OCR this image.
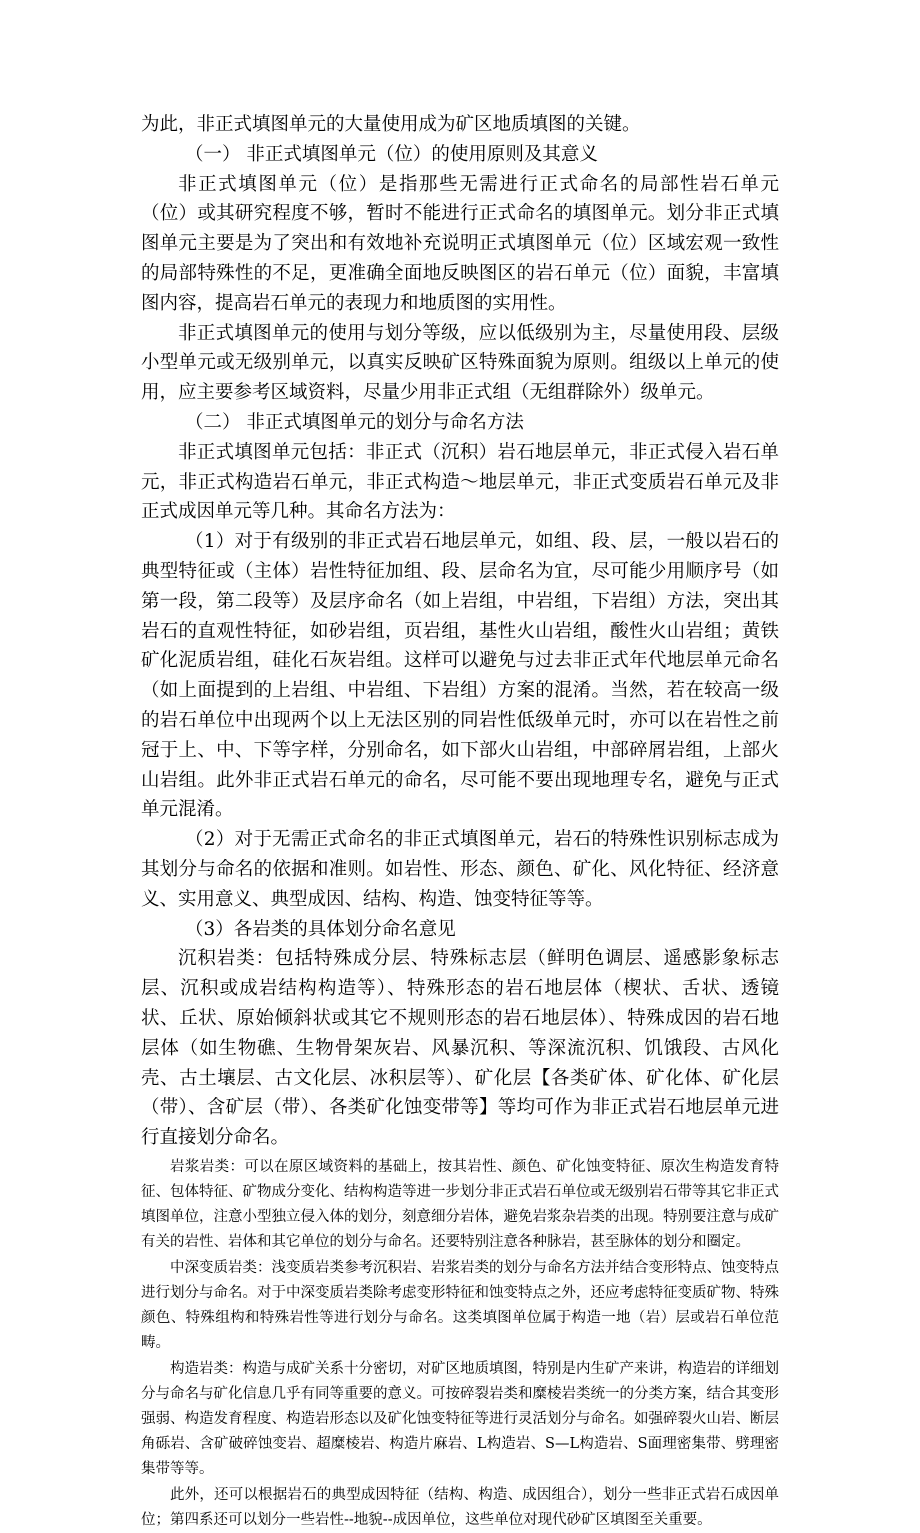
为此，非正式填图单元的大量使用成为矿区地质填图的关键。

（一） 非正式填图单元（位）的使用原则及其意义

非正式填图单元（位）是指那些无需进行正式命名的局部性岩石单元（位）或其研究程度不够，暂时不能进行正式命名的填图单元。划分非正式填图单元主要是为了突出和有效地补充说明正式填图单元（位）区域宏观一致性的局部特殊性的不足，更准确全面地反映图区的岩石单元（位）面貌，丰富填图内容，提高岩石单元的表现力和地质图的实用性。

非正式填图单元的使用与划分等级，应以低级别为主，尽量使用段、层级小型单元或无级别单元，以真实反映矿区特殊面貌为原则。组级以上单元的使用，应主要参考区域资料，尽量少用非正式组（无组群除外）级单元。

（二） 非正式填图单元的划分与命名方法

非正式填图单元包括：非正式（沉积）岩石地层单元，非正式侵入岩石单元，非正式构造岩石单元，非正式构造～地层单元，非正式变质岩石单元及非正式成因单元等几种。其命名方法为：

（1）对于有级别的非正式岩石地层单元，如组、段、层，一般以岩石的典型特征或（主体）岩性特征加组、段、层命名为宜，尽可能少用顺序号（如第一段，第二段等）及层序命名（如上岩组，中岩组，下岩组）方法，突出其岩石的直观性特征，如砂岩组，页岩组，基性火山岩组，酸性火山岩组；黄铁矿化泥质岩组，硅化石灰岩组。这样可以避免与过去非正式年代地层单元命名（如上面提到的上岩组、中岩组、下岩组）方案的混淆。当然，若在较高一级的岩石单位中出现两个以上无法区别的同岩性低级单元时，亦可以在岩性之前冠于上、中、下等字样，分别命名，如下部火山岩组，中部碎屑岩组，上部火山岩组。此外非正式岩石单元的命名，尽可能不要出现地理专名，避免与正式单元混淆。

（2）对于无需正式命名的非正式填图单元，岩石的特殊性识别标志成为其划分与命名的依据和准则。如岩性、形态、颜色、矿化、风化特征、经济意义、实用意义、典型成因、结构、构造、蚀变特征等等。

（3）各岩类的具体划分命名意见

沉积岩类：包括特殊成分层、特殊标志层（鲜明色调层、遥感影象标志层、沉积或成岩结构构造等）、特殊形态的岩石地层体（楔状、舌状、透镜状、丘状、原始倾斜状或其它不规则形态的岩石地层体）、特殊成因的岩石地层体（如生物礁、生物骨架灰岩、风暴沉积、等深流沉积、饥饿段、古风化壳、古土壤层、古文化层、冰积层等）、矿化层【各类矿体、矿化体、矿化层（带）、含矿层（带）、各类矿化蚀变带等】等均可作为非正式岩石地层单元进行直接划分命名。

岩浆岩类：可以在原区域资料的基础上，按其岩性、颜色、矿化蚀变特征、原次生构造发育特征、包体特征、矿物成分变化、结构构造等进一步划分非正式岩石单位或无级别岩石带等其它非正式填图单位，注意小型独立侵入体的划分，刻意细分岩体，避免岩浆杂岩类的出现。特别要注意与成矿有关的岩性、岩体和其它单位的划分与命名。还要特别注意各种脉岩，甚至脉体的划分和圈定。

中深变质岩类：浅变质岩类参考沉积岩、岩浆岩类的划分与命名方法并结合变形特点、蚀变特点进行划分与命名。对于中深变质岩类除考虑变形特征和蚀变特点之外，还应考虑特征变质矿物、特殊颜色、特殊组构和特殊岩性等进行划分与命名。这类填图单位属于构造一地（岩）层或岩石单位范畴。

构造岩类：构造与成矿关系十分密切，对矿区地质填图，特别是内生矿产来讲，构造岩的详细划分与命名与矿化信息几乎有同等重要的意义。可按碎裂岩类和糜棱岩类统一的分类方案，结合其变形强弱、构造发育程度、构造岩形态以及矿化蚀变特征等进行灵活划分与命名。如强碎裂火山岩、断层角砾岩、含矿破碎蚀变岩、超糜棱岩、构造片麻岩、L构造岩、S—L构造岩、S面理密集带、劈理密集带等等。

此外，还可以根据岩石的典型成因特征（结构、构造、成因组合），划分一些非正式岩石成因单位；第四系还可以划分一些岩性--地貌--成因单位，这些单位对现代砂矿区填图至关重要。
